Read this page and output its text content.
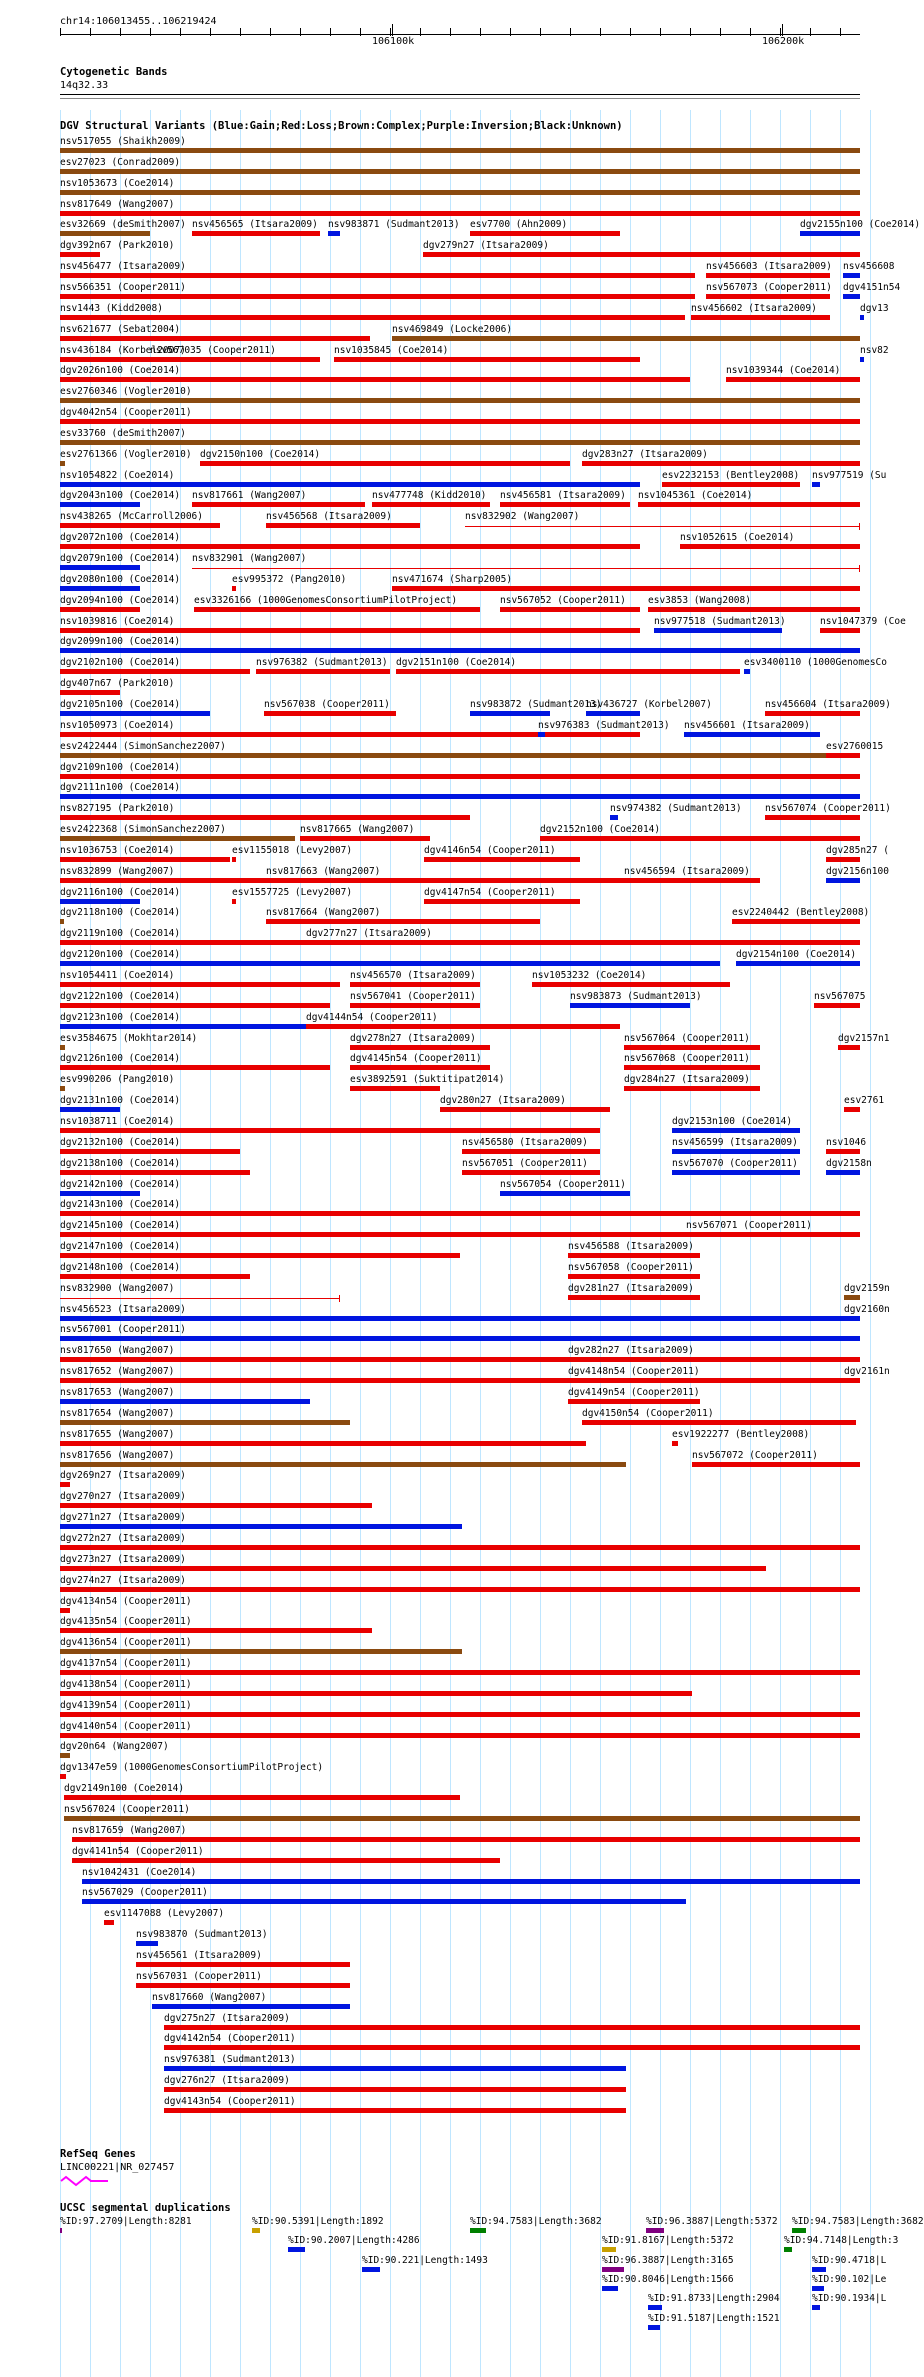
chr14:106013455..106219424
106100k	106200k
Cytogenetic Bands
14q32.33
DGV Structural Variants (Blue:Gain;Red:Loss;Brown:Complex;Purple:Inversion;Black:Unknown)
nsv517055 (Shaikh2009)
esv27023 (Conrad2009)
nsv1053673 (Coe2014)
nsv817649 (Wang2007)
esv32669 (deSmith2007) nsv456565 (Itsara2009) nsv983871 (Sudmant2013) esv7700 (Ahn2009)	dgv2155n100 (Coe2014)
dgv392n67 (Park2010)	dgv279n27 (Itsara2009)
nsv456477 (Itsara2009)	nsv456603 (Itsara2009) nsv456608
nsv566351 (Cooper2011)	nsv567073 (Cooper2011) dgv4151n54
nsv1443 (Kidd2008)	nsv456602 (Itsara2009)	dgv13
nsv621677 (Sebat2004)	nsv469849 (Locke2006)
nsv436184 (Korbel2007)
nsv567035 (Cooper2011)	nsv1035845 (Coe2014)	nsv82
dgv2026n100 (Coe2014)	nsv1039344 (Coe2014)
esv2760346 (Vogler2010)
dgv4042n54 (Cooper2011)
esv33760 (deSmith2007)
esv2761366 (Vogler2010) dgv2150n100 (Coe2014)	dgv283n27 (Itsara2009)
nsv1054822 (Coe2014)	esv2232153 (Bentley2008) nsv977519 (Su
dgv2043n100 (Coe2014) nsv817661 (Wang2007)	nsv477748 (Kidd2010) nsv456581 (Itsara2009) nsv1045361 (Coe2014)
nsv438265 (McCarroll2006)	nsv456568 (Itsara2009)	nsv832902 (Wang2007)
dgv2072n100 (Coe2014)	nsv1052615 (Coe2014)
dgv2079n100 (Coe2014) nsv832901 (Wang2007)
dgv2080n100 (Coe2014)	esv995372 (Pang2010)	nsv471674 (Sharp2005)
dgv2094n100 (Coe2014) esv3326166 (1000GenomesConsortiumPilotProject)	nsv567052 (Cooper2011) esv3853 (Wang2008)
nsv1039816 (Coe2014)	nsv977518 (Sudmant2013)	nsv1047379 (Coe
dgv2099n100 (Coe2014)
dgv2102n100 (Coe2014)	nsv976382 (Sudmant2013) dgv2151n100 (Coe2014)	esv3400110 (1000GenomesCo
dgv407n67 (Park2010)
dgv2105n100 (Coe2014)	nsv567038 (Cooper2011)	nsv983872 (Sudmant2013)
nsv436727 (Korbel2007)	nsv456604 (Itsara2009)
nsv1050973 (Coe2014)	nsv976383 (Sudmant2013) nsv456601 (Itsara2009)
esv2422444 (SimonSanchez2007)	esv2760015
dgv2109n100 (Coe2014)
dgv2111n100 (Coe2014)
nsv827195 (Park2010)	nsv974382 (Sudmant2013) nsv567074 (Cooper2011)
esv2422368 (SimonSanchez2007)	nsv817665 (Wang2007)	dgv2152n100 (Coe2014)
nsv1036753 (Coe2014)	esv1155018 (Levy2007)	dgv4146n54 (Cooper2011)	dgv285n27 (
nsv832899 (Wang2007)	nsv817663 (Wang2007)	nsv456594 (Itsara2009)	dgv2156n100
dgv2116n100 (Coe2014)	esv1557725 (Levy2007)	dgv4147n54 (Cooper2011)
dgv2118n100 (Coe2014)	nsv817664 (Wang2007)	esv2240442 (Bentley2008)
dgv2119n100 (Coe2014)	dgv277n27 (Itsara2009)
dgv2120n100 (Coe2014)	dgv2154n100 (Coe2014)
nsv1054411 (Coe2014)	nsv456570 (Itsara2009)	nsv1053232 (Coe2014)
dgv2122n100 (Coe2014)	nsv567041 (Cooper2011)	nsv983873 (Sudmant2013)	nsv567075
dgv2123n100 (Coe2014)	dgv4144n54 (Cooper2011)
esv3584675 (Mokhtar2014)	dgv278n27 (Itsara2009)	nsv567064 (Cooper2011)	dgv2157n1
dgv2126n100 (Coe2014)	dgv4145n54 (Cooper2011)	nsv567068 (Cooper2011)
esv990206 (Pang2010)	esv3892591 (Suktitipat2014)	dgv284n27 (Itsara2009)
dgv2131n100 (Coe2014)	dgv280n27 (Itsara2009)	esv2761
nsv1038711 (Coe2014)	dgv2153n100 (Coe2014)
dgv2132n100 (Coe2014)	nsv456580 (Itsara2009)	nsv456599 (Itsara2009)	nsv1046
dgv2138n100 (Coe2014)	nsv567051 (Cooper2011)	nsv567070 (Cooper2011)	dgv2158n
dgv2142n100 (Coe2014)	nsv567054 (Cooper2011)
dgv2143n100 (Coe2014)
dgv2145n100 (Coe2014)	nsv567071 (Cooper2011)
dgv2147n100 (Coe2014)	nsv456588 (Itsara2009)
dgv2148n100 (Coe2014)	nsv567058 (Cooper2011)
nsv832900 (Wang2007)	dgv281n27 (Itsara2009)	dgv2159n
nsv456523 (Itsara2009)	dgv2160n
nsv567001 (Cooper2011)
nsv817650 (Wang2007)	dgv282n27 (Itsara2009)
nsv817652 (Wang2007)	dgv4148n54 (Cooper2011)	dgv2161n
nsv817653 (Wang2007)	dgv4149n54 (Cooper2011)
nsv817654 (Wang2007)	dgv4150n54 (Cooper2011)
nsv817655 (Wang2007)	esv1922277 (Bentley2008)
nsv817656 (Wang2007)	nsv567072 (Cooper2011)
dgv269n27 (Itsara2009)
dgv270n27 (Itsara2009)
dgv271n27 (Itsara2009)
dgv272n27 (Itsara2009)
dgv273n27 (Itsara2009)
dgv274n27 (Itsara2009)
dgv4134n54 (Cooper2011)
dgv4135n54 (Cooper2011)
dgv4136n54 (Cooper2011)
dgv4137n54 (Cooper2011)
dgv4138n54 (Cooper2011)
dgv4139n54 (Cooper2011)
dgv4140n54 (Cooper2011)
dgv20n64 (Wang2007)
dgv1347e59 (1000GenomesConsortiumPilotProject)
dgv2149n100 (Coe2014)
nsv567024 (Cooper2011)
nsv817659 (Wang2007)
dgv4141n54 (Cooper2011)
nsv1042431 (Coe2014)
nsv567029 (Cooper2011)
esv1147088 (Levy2007)
nsv983870 (Sudmant2013)
nsv456561 (Itsara2009)
nsv567031 (Cooper2011)
nsv817660 (Wang2007)
dgv275n27 (Itsara2009)
dgv4142n54 (Cooper2011)
nsv976381 (Sudmant2013)
dgv276n27 (Itsara2009)
dgv4143n54 (Cooper2011)
RefSeq Genes
LINC00221|NR_027457
UCSC segmental duplications
%ID:97.2709|Length:8281	%ID:90.5391|Length:1892	%ID:94.7583|Length:3682	%ID:96.3887|Length:5372 %ID:94.7583|Length:3682
%ID:90.2007|Length:4286	%ID:91.8167|Length:5372	%ID:94.7148|Length:3
%ID:90.221|Length:1493	%ID:96.3887|Length:3165	%ID:90.4718|L
%ID:90.8046|Length:1566	%ID:90.102|Le
%ID:91.8733|Length:2904	%ID:90.1934|L
%ID:91.5187|Length:1521
